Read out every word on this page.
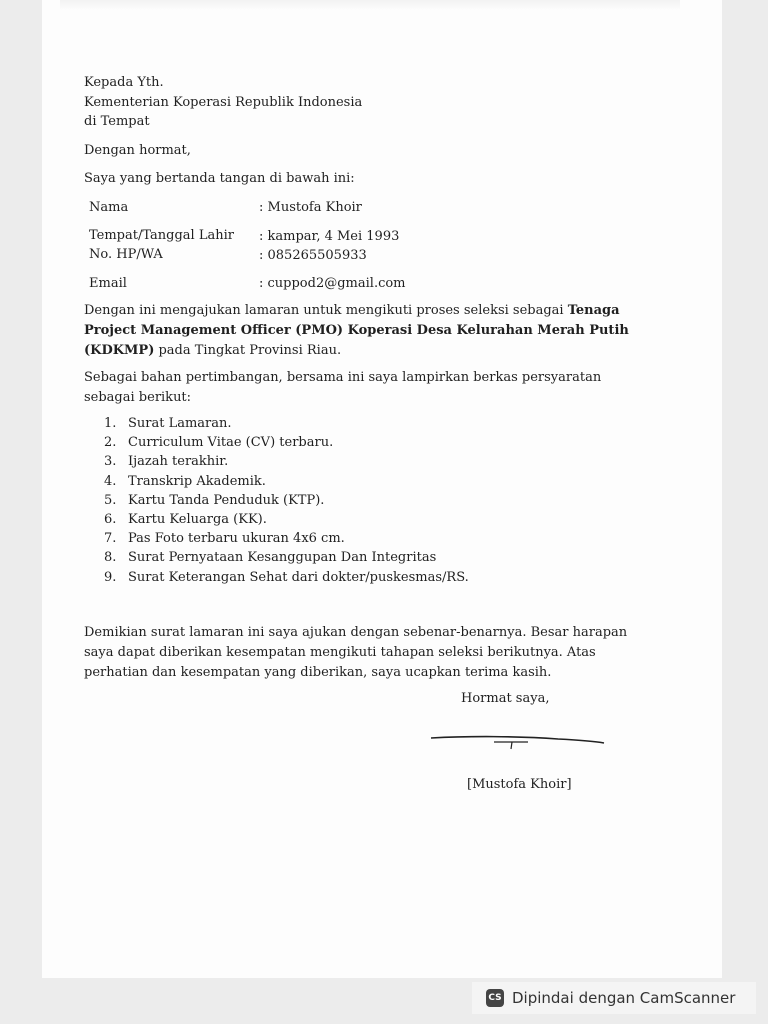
Kepada Yth.
Kementerian Koperasi Republik Indonesia
di Tempat
Dengan hormat,
Saya yang bertanda tangan di bawah ini:
Nama	: Mustofa Khoir
Tempat/Tanggal Lahir : kampar, 4 Mei 1993
No. HP/WA	: 085265505933
Email	: cuppod2@gmail.com
Dengan ini mengajukan lamaran untuk mengikuti proses seleksi sebagai Tenaga Project Management Officer (PMO) Koperasi Desa Kelurahan Merah Putih (KDKMP) pada Tingkat Provinsi Riau.
Sebagai bahan pertimbangan, bersama ini saya lampirkan berkas persyaratan sebagai berikut:
1. Surat Lamaran.
2. Curriculum Vitae (CV) terbaru.
3. Ijazah terakhir.
4. Transkrip Akademik.
5. Kartu Tanda Penduduk (KTP).
6. Kartu Keluarga (KK).
7. Pas Foto terbaru ukuran 4x6 cm.
8. Surat Pernyataan Kesanggupan Dan Integritas
9. Surat Keterangan Sehat dari dokter/puskesmas/RS.
Demikian surat lamaran ini saya ajukan dengan sebenar-benarnya. Besar harapan saya dapat diberikan kesempatan mengikuti tahapan seleksi berikutnya. Atas perhatian dan kesempatan yang diberikan, saya ucapkan terima kasih.
Hormat saya,
[Mustofa Khoir]
CS Dipindai dengan CamScanner
